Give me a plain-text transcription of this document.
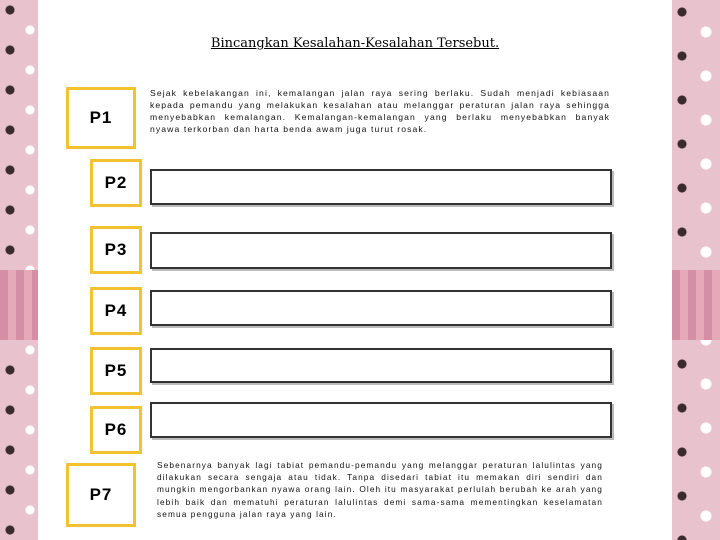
Bincangkan Kesalahan-Kesalahan Tersebut.
P1
Sejak kebelakangan ini, kemalangan jalan raya sering berlaku. Sudah menjadi kebiasaan kepada pemandu yang melakukan kesalahan atau melanggar peraturan jalan raya sehingga menyebabkan kemalangan. Kemalangan-kemalangan yang berlaku menyebabkan banyak nyawa terkorban dan harta benda awam juga turut rosak.
P2
P3
P4
P5
P6
P7
Sebenarnya banyak lagi tabiat pemandu-pemandu yang melanggar peraturan lalulintas yang dilakukan secara sengaja atau tidak. Tanpa disedari tabiat itu memakan diri sendiri dan mungkin mengorbankan nyawa orang lain. Oleh itu masyarakat perlulah berubah ke arah yang lebih baik dan mematuhi peraturan lalulintas demi sama-sama mementingkan keselamatan semua pengguna jalan raya yang lain.
